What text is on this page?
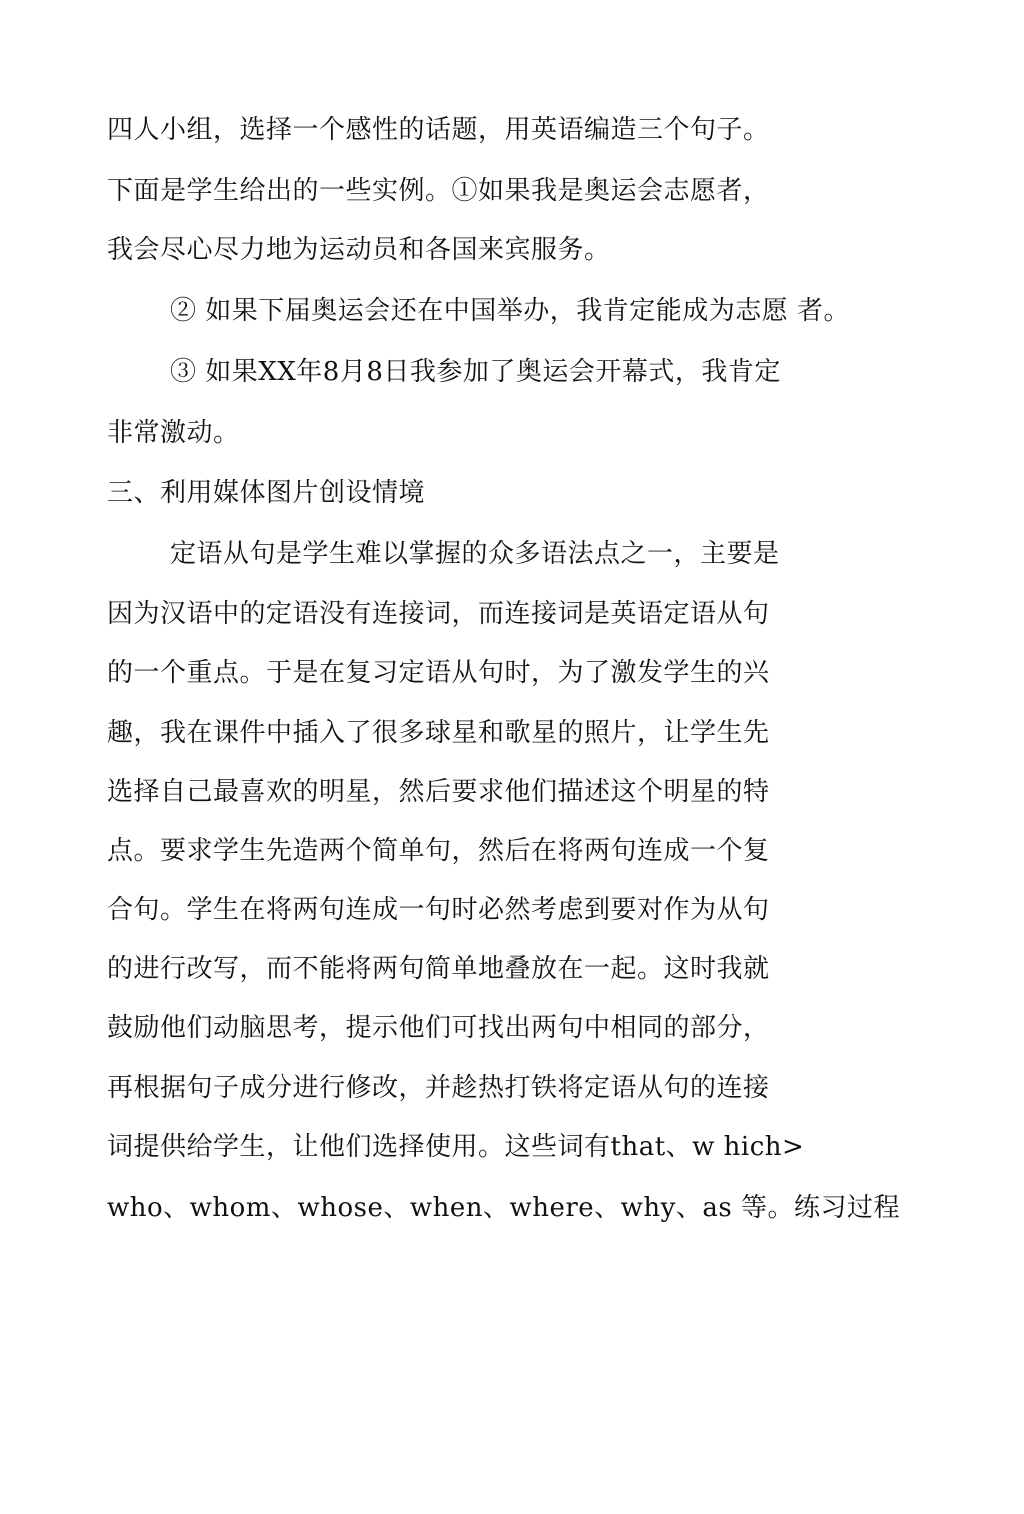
四人小组，选择一个感性的话题，用英语编造三个句子。
下面是学生给出的一些实例。①如果我是奥运会志愿者，
我会尽心尽力地为运动员和各国来宾服务。
② 如果下届奥运会还在中国举办，我肯定能成为志愿 者。
③ 如果XX年8月8日我参加了奥运会开幕式，我肯定
非常激动。
三、利用媒体图片创设情境
定语从句是学生难以掌握的众多语法点之一，主要是
因为汉语中的定语没有连接词，而连接词是英语定语从句
的一个重点。于是在复习定语从句时，为了激发学生的兴
趣，我在课件中插入了很多球星和歌星的照片，让学生先
选择自己最喜欢的明星，然后要求他们描述这个明星的特
点。要求学生先造两个简单句，然后在将两句连成一个复
合句。学生在将两句连成一句时必然考虑到要对作为从句
的进行改写，而不能将两句简单地叠放在一起。这时我就
鼓励他们动脑思考，提示他们可找出两句中相同的部分，
再根据句子成分进行修改，并趁热打铁将定语从句的连接
词提供给学生，让他们选择使用。这些词有that、w hich>
who、whom、whose、when、where、why、as 等。练习过程
